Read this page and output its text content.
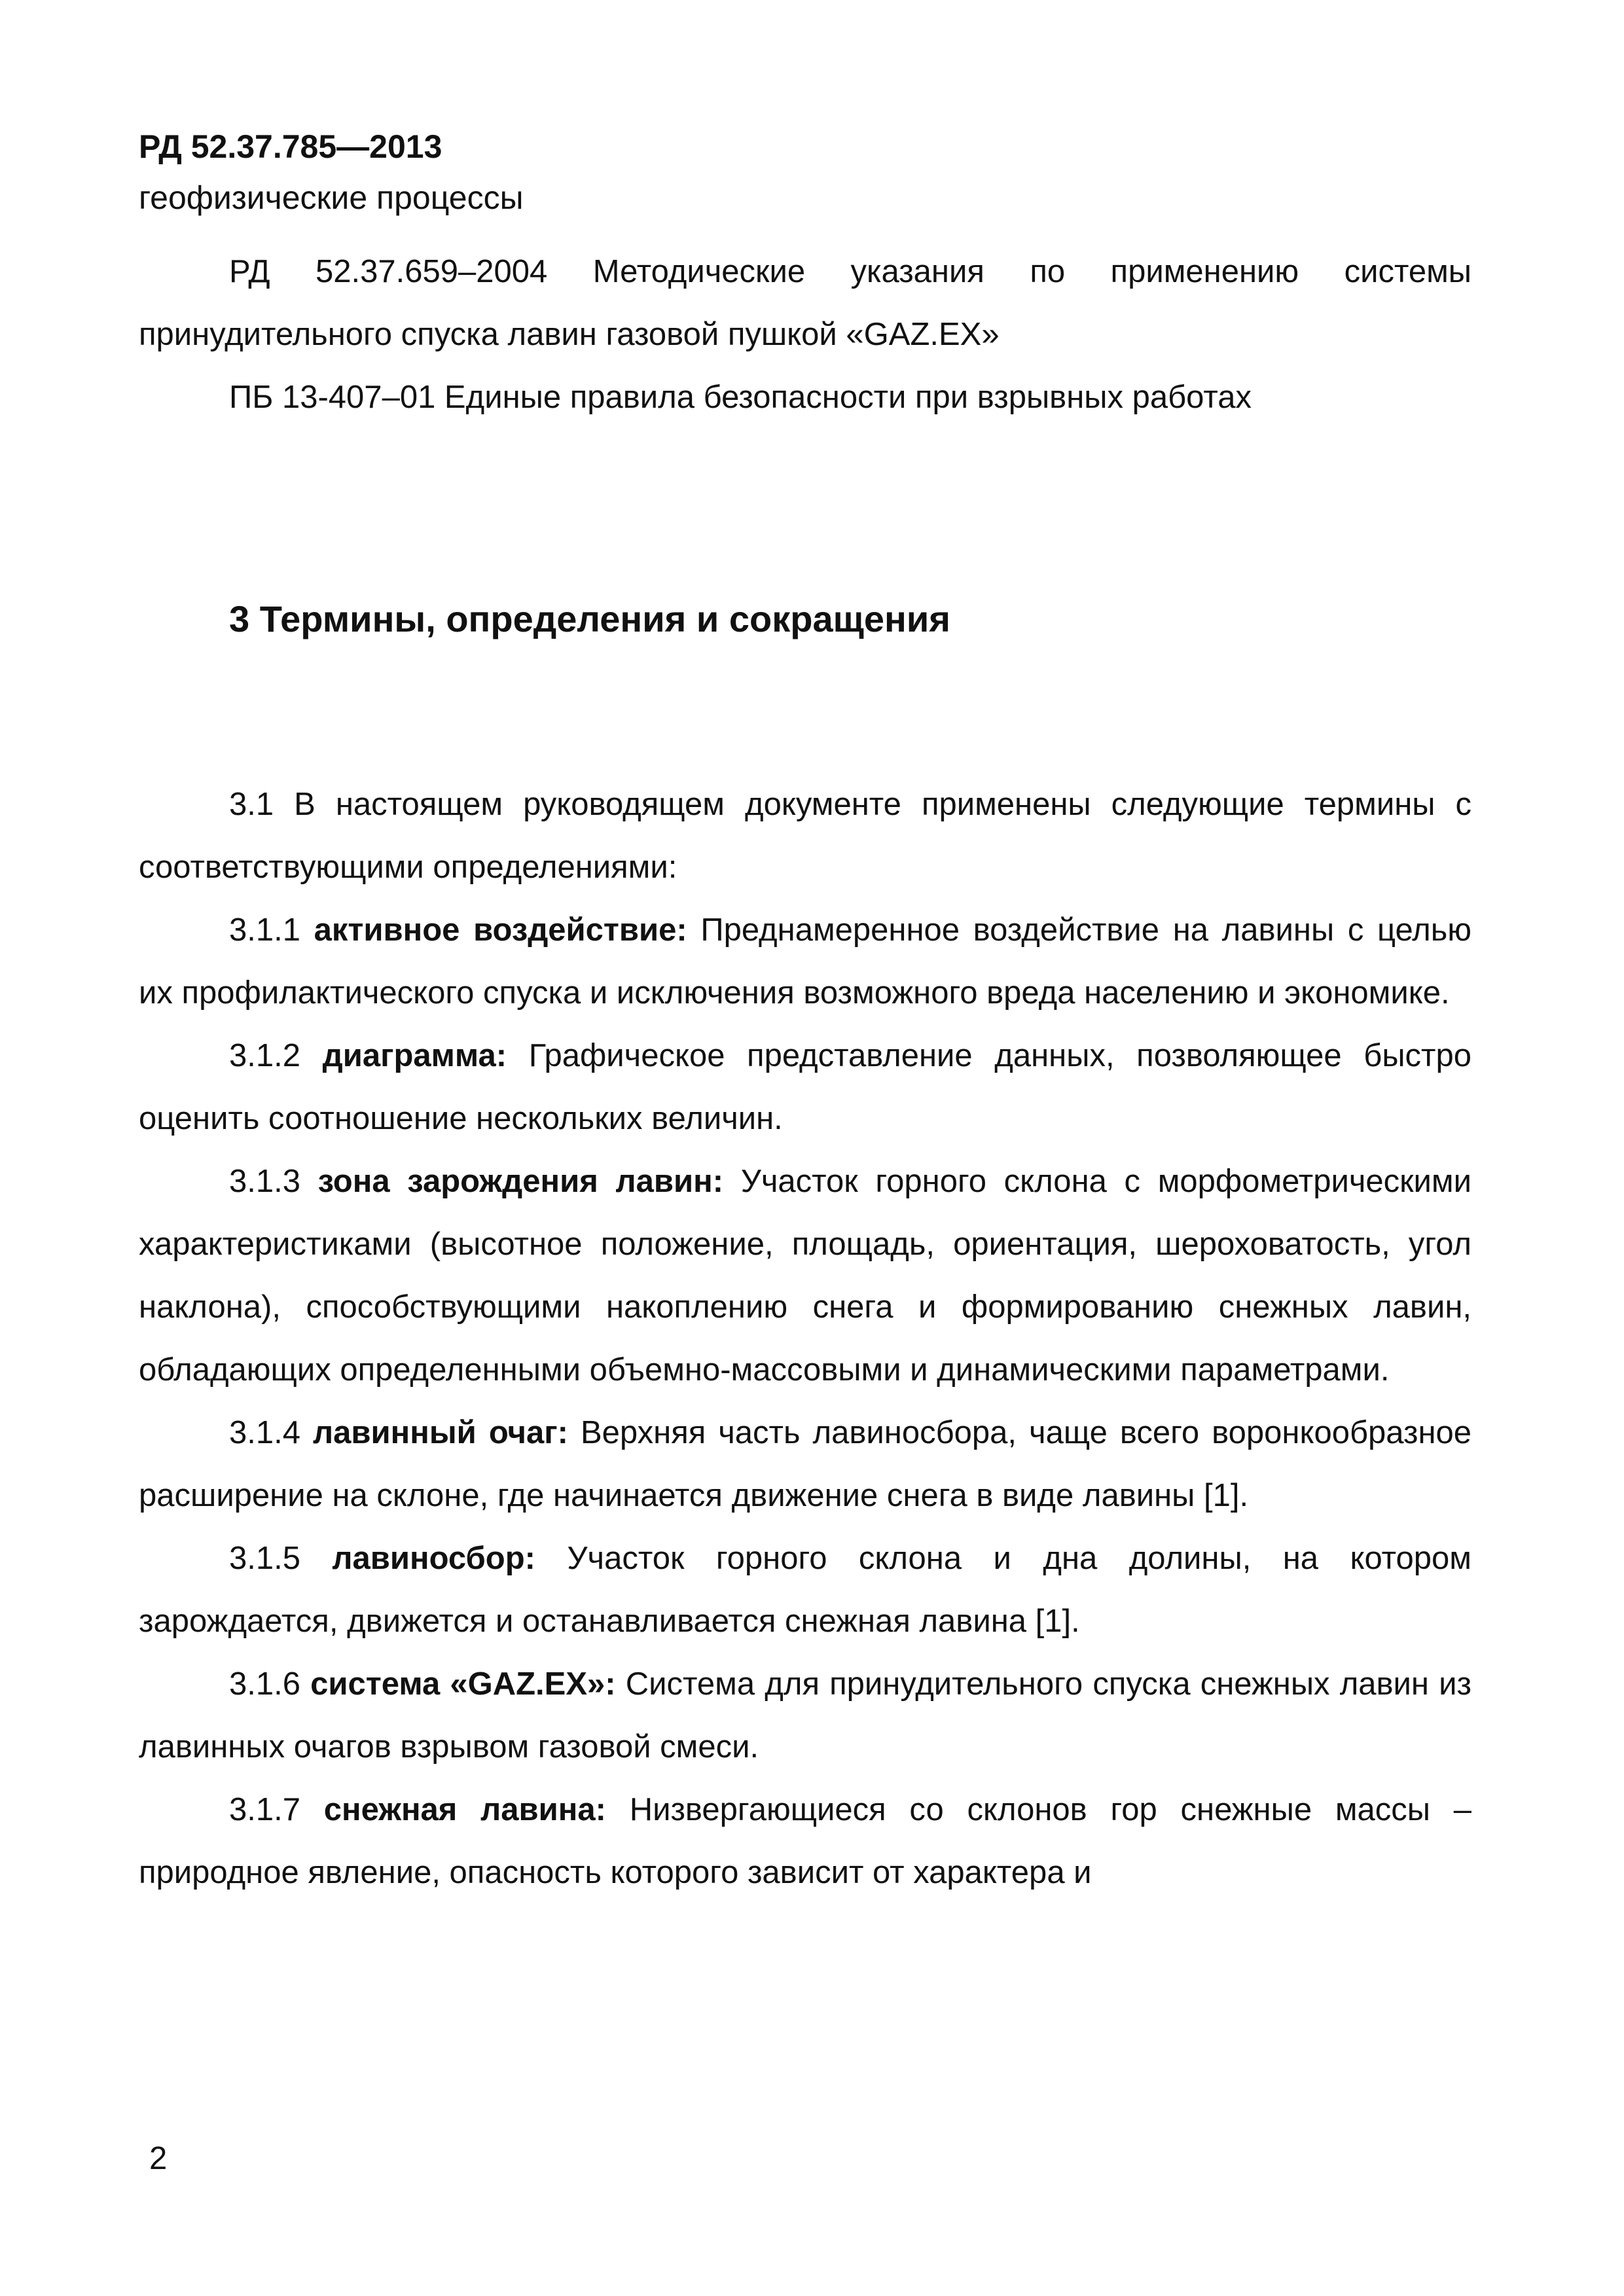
РД 52.37.785—2013
геофизические процессы

РД 52.37.659–2004 Методические указания по применению системы принудительного спуска лавин газовой пушкой «GAZ.EX»

ПБ 13-407–01 Единые правила безопасности при взрывных работах

3 Термины, определения и сокращения

3.1 В настоящем руководящем документе применены следующие термины с соответствующими определениями:

3.1.1 активное воздействие: Преднамеренное воздействие на лавины с целью их профилактического спуска и исключения возможного вреда населению и экономике.

3.1.2 диаграмма: Графическое представление данных, позволяющее быстро оценить соотношение нескольких величин.

3.1.3 зона зарождения лавин: Участок горного склона с морфометрическими характеристиками (высотное положение, площадь, ориентация, шероховатость, угол наклона), способствующими накоплению снега и формированию снежных лавин, обладающих определенными объемно-массовыми и динамическими параметрами.

3.1.4 лавинный очаг: Верхняя часть лавиносбора, чаще всего воронкообразное расширение на склоне, где начинается движение снега в виде лавины [1].

3.1.5 лавиносбор: Участок горного склона и дна долины, на котором зарождается, движется и останавливается снежная лавина [1].

3.1.6 система «GAZ.EX»: Система для принудительного спуска снежных лавин из лавинных очагов взрывом газовой смеси.

3.1.7 снежная лавина: Низвергающиеся со склонов гор снежные массы – природное явление, опасность которого зависит от характера и

2
